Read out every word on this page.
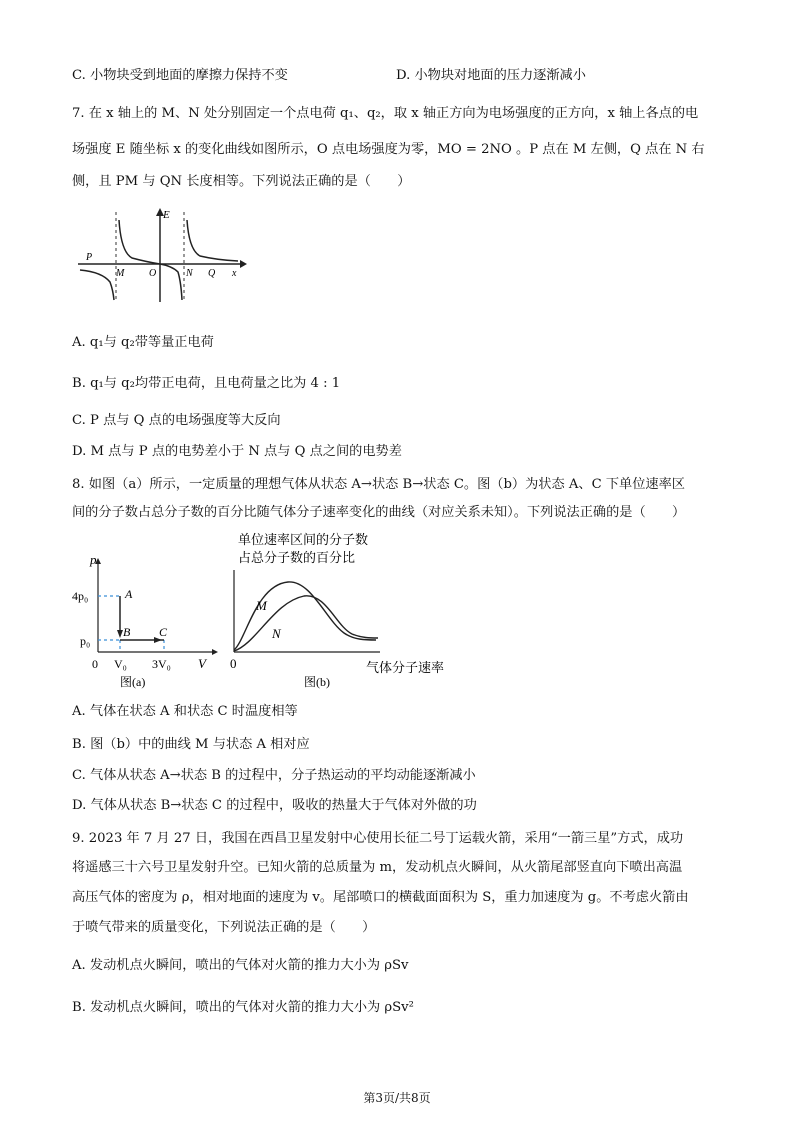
C. 小物块受到地面的摩擦力保持不变	D. 小物块对地面的压力逐渐减小
7. 在 x 轴上的 M、N 处分别固定一个点电荷 q₁、q₂，取 x 轴正方向为电场强度的正方向，x 轴上各点的电
场强度 E 随坐标 x 的变化曲线如图所示，O 点电场强度为零，MO = 2NO 。P 点在 M 左侧，Q 点在 N 右
侧，且 PM 与 QN 长度相等。下列说法正确的是（　　）
E
P
M O	N Q x
A. q₁与 q₂带等量正电荷
B. q₁与 q₂均带正电荷，且电荷量之比为 4 : 1
C. P 点与 Q 点的电场强度等大反向
D. M 点与 P 点的电势差小于 N 点与 Q 点之间的电势差
8. 如图（a）所示，一定质量的理想气体从状态 A→状态 B→状态 C。图（b）为状态 A、C 下单位速率区
间的分子数占总分子数的百分比随气体分子速率变化的曲线（对应关系未知）。下列说法正确的是（　　）
p
V
4p₀
p₀
0 V₀ 3V₀
A
B C
图(a)
单位速率区间的分子数
占总分子数的百分比
M
N
0	气体分子速率
图(b)
A. 气体在状态 A 和状态 C 时温度相等
B. 图（b）中的曲线 M 与状态 A 相对应
C. 气体从状态 A→状态 B 的过程中，分子热运动的平均动能逐渐减小
D. 气体从状态 B→状态 C 的过程中，吸收的热量大于气体对外做的功
9. 2023 年 7 月 27 日，我国在西昌卫星发射中心使用长征二号丁运载火箭，采用“一箭三星”方式，成功
将遥感三十六号卫星发射升空。已知火箭的总质量为 m，发动机点火瞬间，从火箭尾部竖直向下喷出高温
高压气体的密度为 ρ，相对地面的速度为 v。尾部喷口的横截面面积为 S，重力加速度为 g。不考虑火箭由
于喷气带来的质量变化，下列说法正确的是（　　）
A. 发动机点火瞬间，喷出的气体对火箭的推力大小为 ρSv
B. 发动机点火瞬间，喷出的气体对火箭的推力大小为 ρSv²
第3页/共8页
